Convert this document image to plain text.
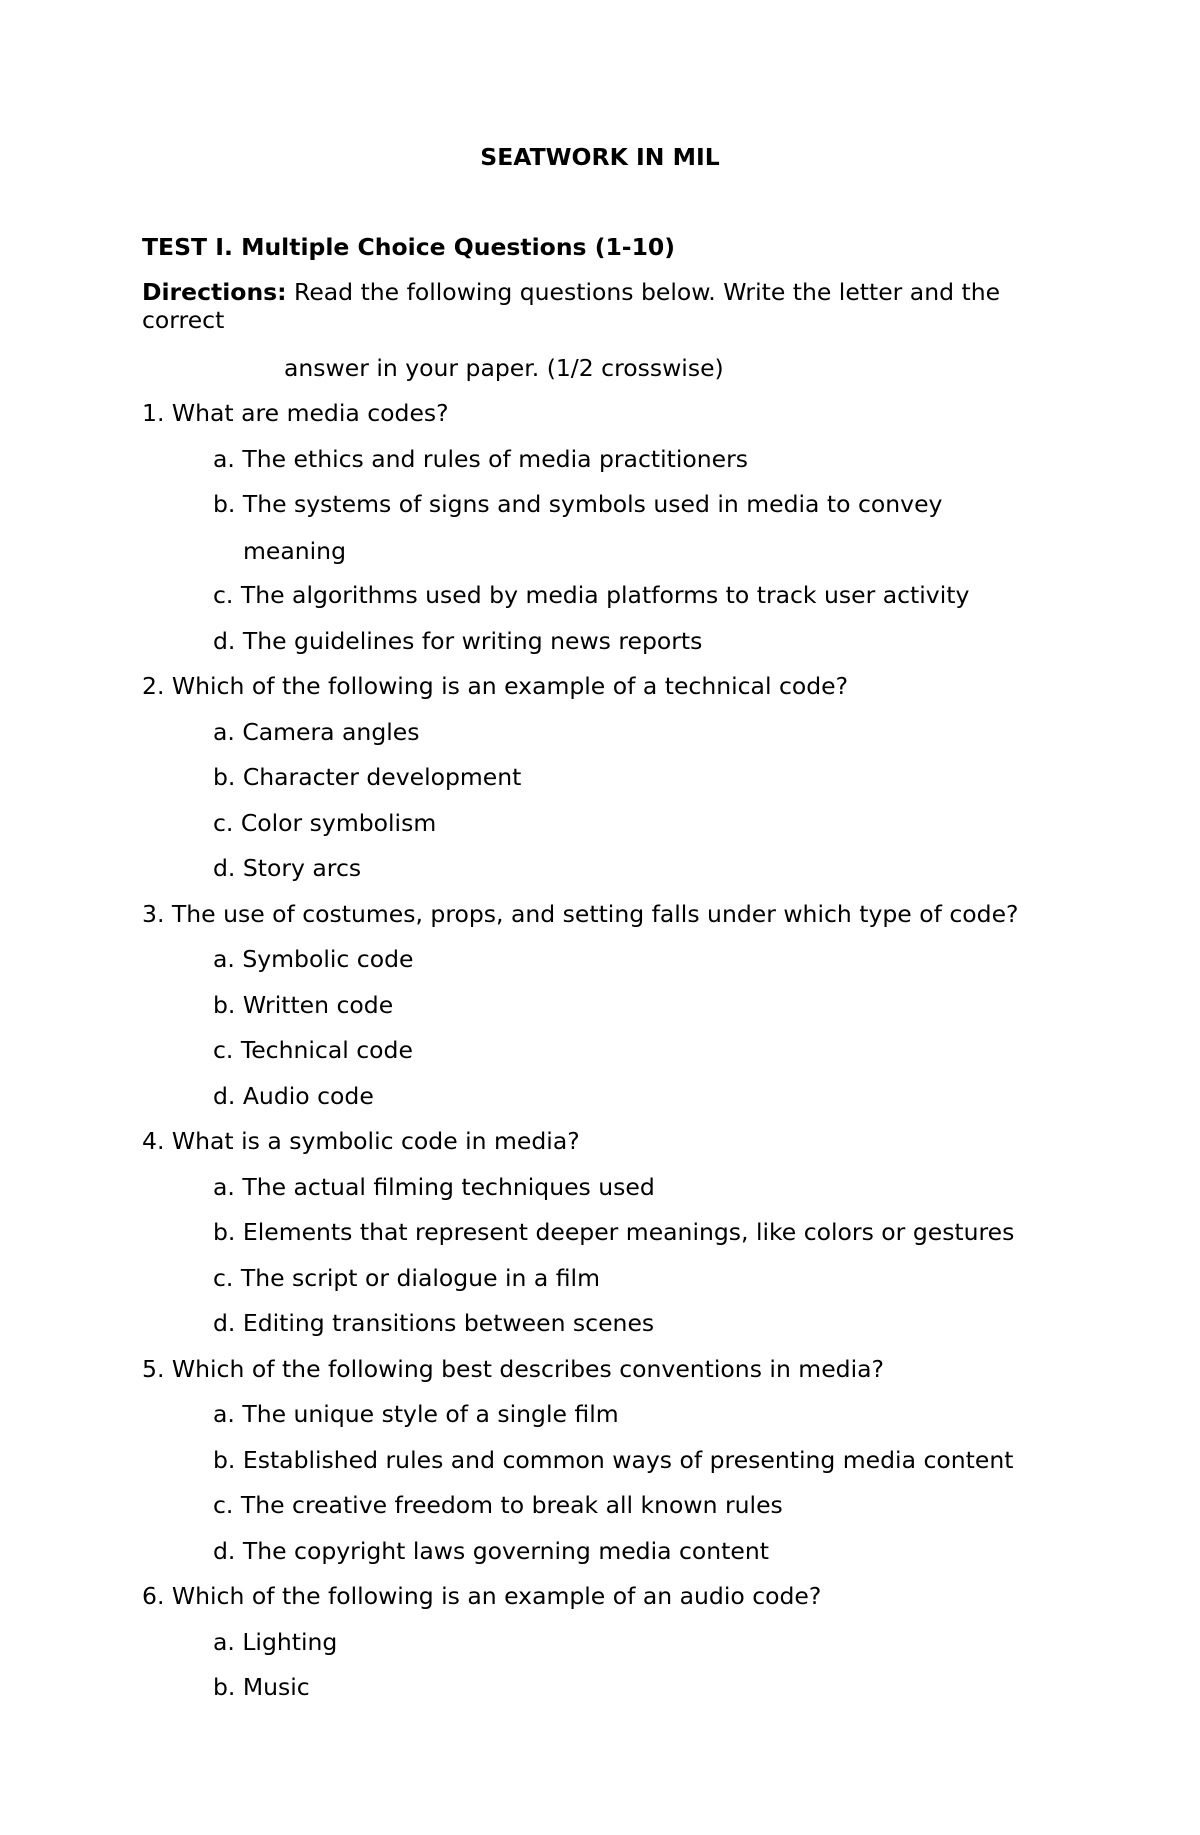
SEATWORK IN MIL
TEST I. Multiple Choice Questions (1-10)
Directions: Read the following questions below. Write the letter and the correct
answer in your paper. (1/2 crosswise)
1. What are media codes?
a. The ethics and rules of media practitioners
b. The systems of signs and symbols used in media to convey
meaning
c. The algorithms used by media platforms to track user activity
d. The guidelines for writing news reports
2. Which of the following is an example of a technical code?
a. Camera angles
b. Character development
c. Color symbolism
d. Story arcs
3. The use of costumes, props, and setting falls under which type of code?
a. Symbolic code
b. Written code
c. Technical code
d. Audio code
4. What is a symbolic code in media?
a. The actual filming techniques used
b. Elements that represent deeper meanings, like colors or gestures
c. The script or dialogue in a film
d. Editing transitions between scenes
5. Which of the following best describes conventions in media?
a. The unique style of a single film
b. Established rules and common ways of presenting media content
c. The creative freedom to break all known rules
d. The copyright laws governing media content
6. Which of the following is an example of an audio code?
a. Lighting
b. Music
